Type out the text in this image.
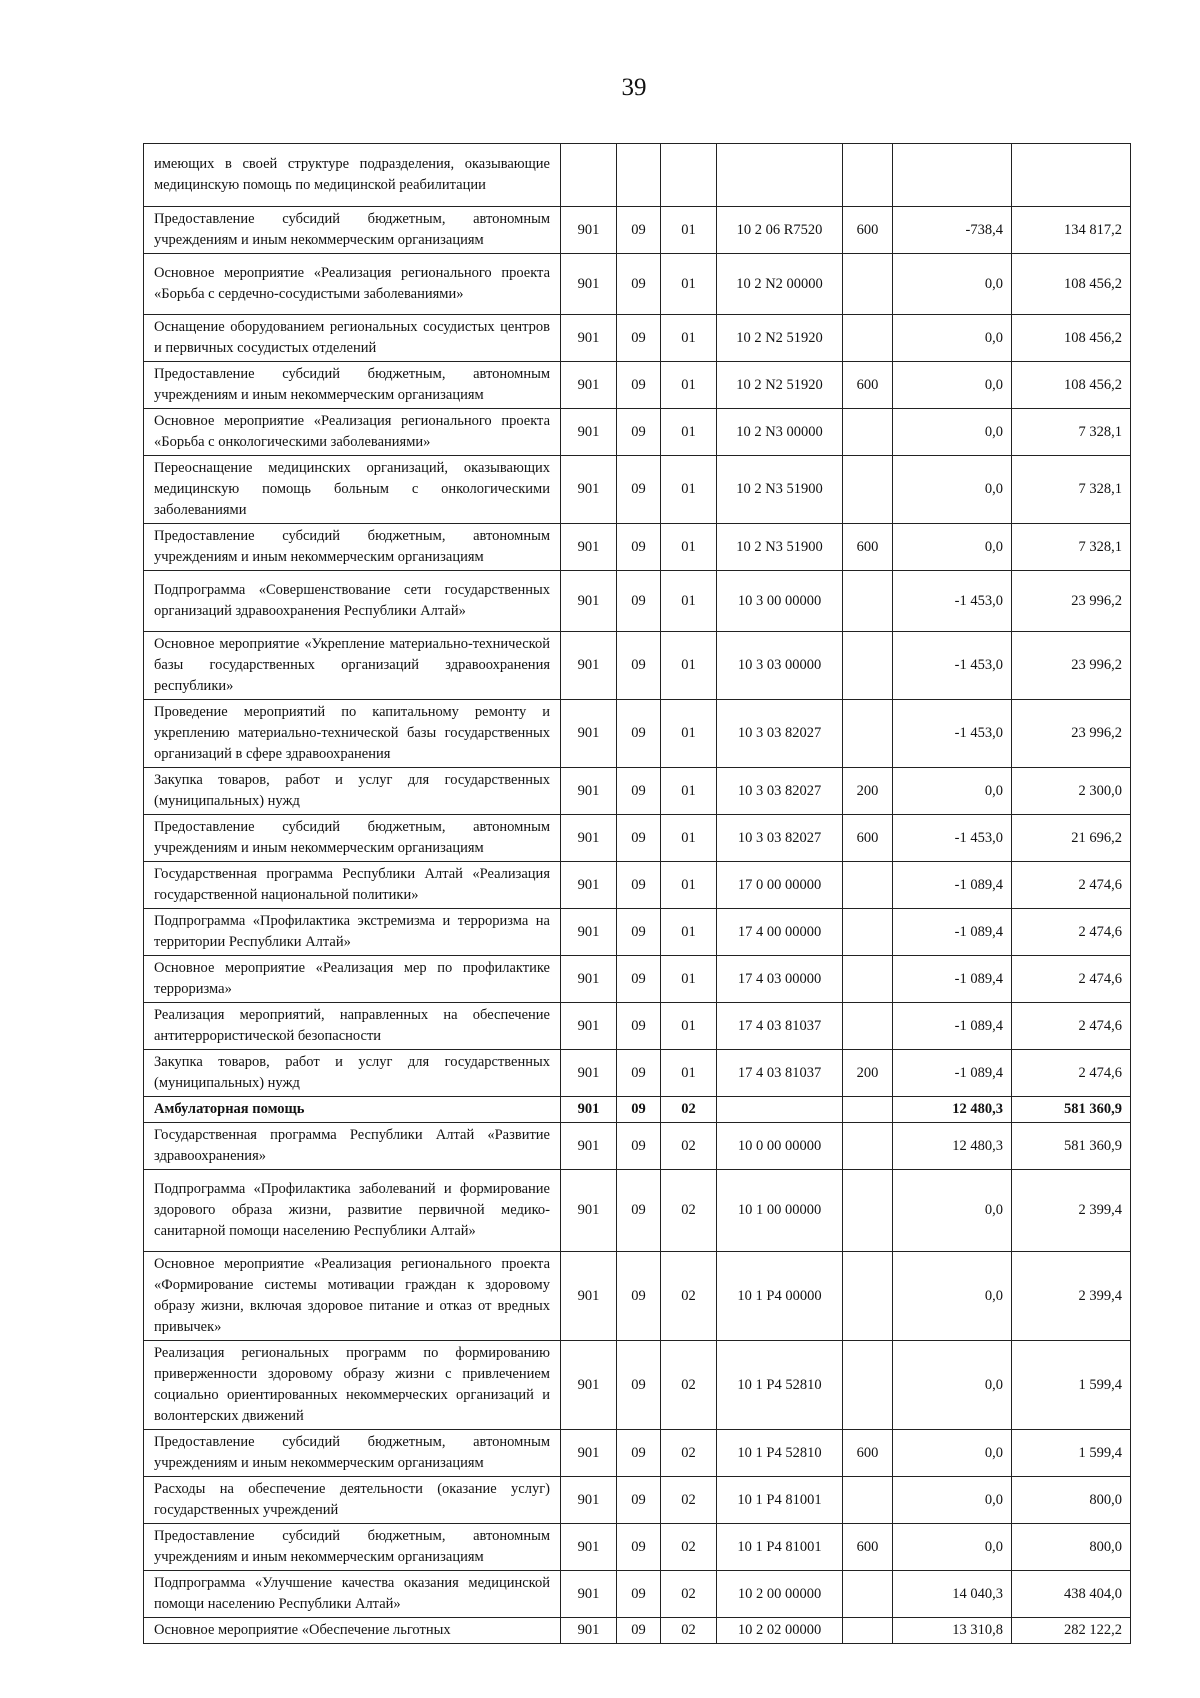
39
имеющих в своей структуре подразделения, оказывающие медицинскую помощь по медицинской реабилитации							
Предоставление субсидий бюджетным, автономным учреждениям и иным некоммерческим организациям	901	09	01	10 2 06 R7520	600	-738,4	134 817,2
Основное мероприятие «Реализация регионального проекта «Борьба с сердечно-сосудистыми заболеваниями»	901	09	01	10 2 N2 00000		0,0	108 456,2
Оснащение оборудованием региональных сосудистых центров и первичных сосудистых отделений	901	09	01	10 2 N2 51920		0,0	108 456,2
Предоставление субсидий бюджетным, автономным учреждениям и иным некоммерческим организациям	901	09	01	10 2 N2 51920	600	0,0	108 456,2
Основное мероприятие «Реализация регионального проекта «Борьба с онкологическими заболеваниями»	901	09	01	10 2 N3 00000		0,0	7 328,1
Переоснащение медицинских организаций, оказывающих медицинскую помощь больным с онкологическими заболеваниями	901	09	01	10 2 N3 51900		0,0	7 328,1
Предоставление субсидий бюджетным, автономным учреждениям и иным некоммерческим организациям	901	09	01	10 2 N3 51900	600	0,0	7 328,1
Подпрограмма «Совершенствование сети государственных организаций здравоохранения Республики Алтай»	901	09	01	10 3 00 00000		-1 453,0	23 996,2
Основное мероприятие «Укрепление материально-технической базы государственных организаций здравоохранения республики»	901	09	01	10 3 03 00000		-1 453,0	23 996,2
Проведение мероприятий по капитальному ремонту и укреплению материально-технической базы государственных организаций в сфере здравоохранения	901	09	01	10 3 03 82027		-1 453,0	23 996,2
Закупка товаров, работ и услуг для государственных (муниципальных) нужд	901	09	01	10 3 03 82027	200	0,0	2 300,0
Предоставление субсидий бюджетным, автономным учреждениям и иным некоммерческим организациям	901	09	01	10 3 03 82027	600	-1 453,0	21 696,2
Государственная программа Республики Алтай «Реализация государственной национальной политики»	901	09	01	17 0 00 00000		-1 089,4	2 474,6
Подпрограмма «Профилактика экстремизма и терроризма на территории Республики Алтай»	901	09	01	17 4 00 00000		-1 089,4	2 474,6
Основное мероприятие «Реализация мер по профилактике терроризма»	901	09	01	17 4 03 00000		-1 089,4	2 474,6
Реализация мероприятий, направленных на обеспечение антитеррористической безопасности	901	09	01	17 4 03 81037		-1 089,4	2 474,6
Закупка товаров, работ и услуг для государственных (муниципальных) нужд	901	09	01	17 4 03 81037	200	-1 089,4	2 474,6
Амбулаторная помощь	901	09	02			12 480,3	581 360,9
Государственная программа Республики Алтай «Развитие здравоохранения»	901	09	02	10 0 00 00000		12 480,3	581 360,9
Подпрограмма «Профилактика заболеваний и формирование здорового образа жизни, развитие первичной медико-санитарной помощи населению Республики Алтай»	901	09	02	10 1 00 00000		0,0	2 399,4
Основное мероприятие «Реализация регионального проекта «Формирование системы мотивации граждан к здоровому образу жизни, включая здоровое питание и отказ от вредных привычек»	901	09	02	10 1 P4 00000		0,0	2 399,4
Реализация региональных программ по формированию приверженности здоровому образу жизни с привлечением социально ориентированных некоммерческих организаций и волонтерских движений	901	09	02	10 1 P4 52810		0,0	1 599,4
Предоставление субсидий бюджетным, автономным учреждениям и иным некоммерческим организациям	901	09	02	10 1 P4 52810	600	0,0	1 599,4
Расходы на обеспечение деятельности (оказание услуг) государственных учреждений	901	09	02	10 1 P4 81001		0,0	800,0
Предоставление субсидий бюджетным, автономным учреждениям и иным некоммерческим организациям	901	09	02	10 1 P4 81001	600	0,0	800,0
Подпрограмма «Улучшение качества оказания медицинской помощи населению Республики Алтай»	901	09	02	10 2 00 00000		14 040,3	438 404,0
Основное мероприятие «Обеспечение льготных	901	09	02	10 2 02 00000		13 310,8	282 122,2
